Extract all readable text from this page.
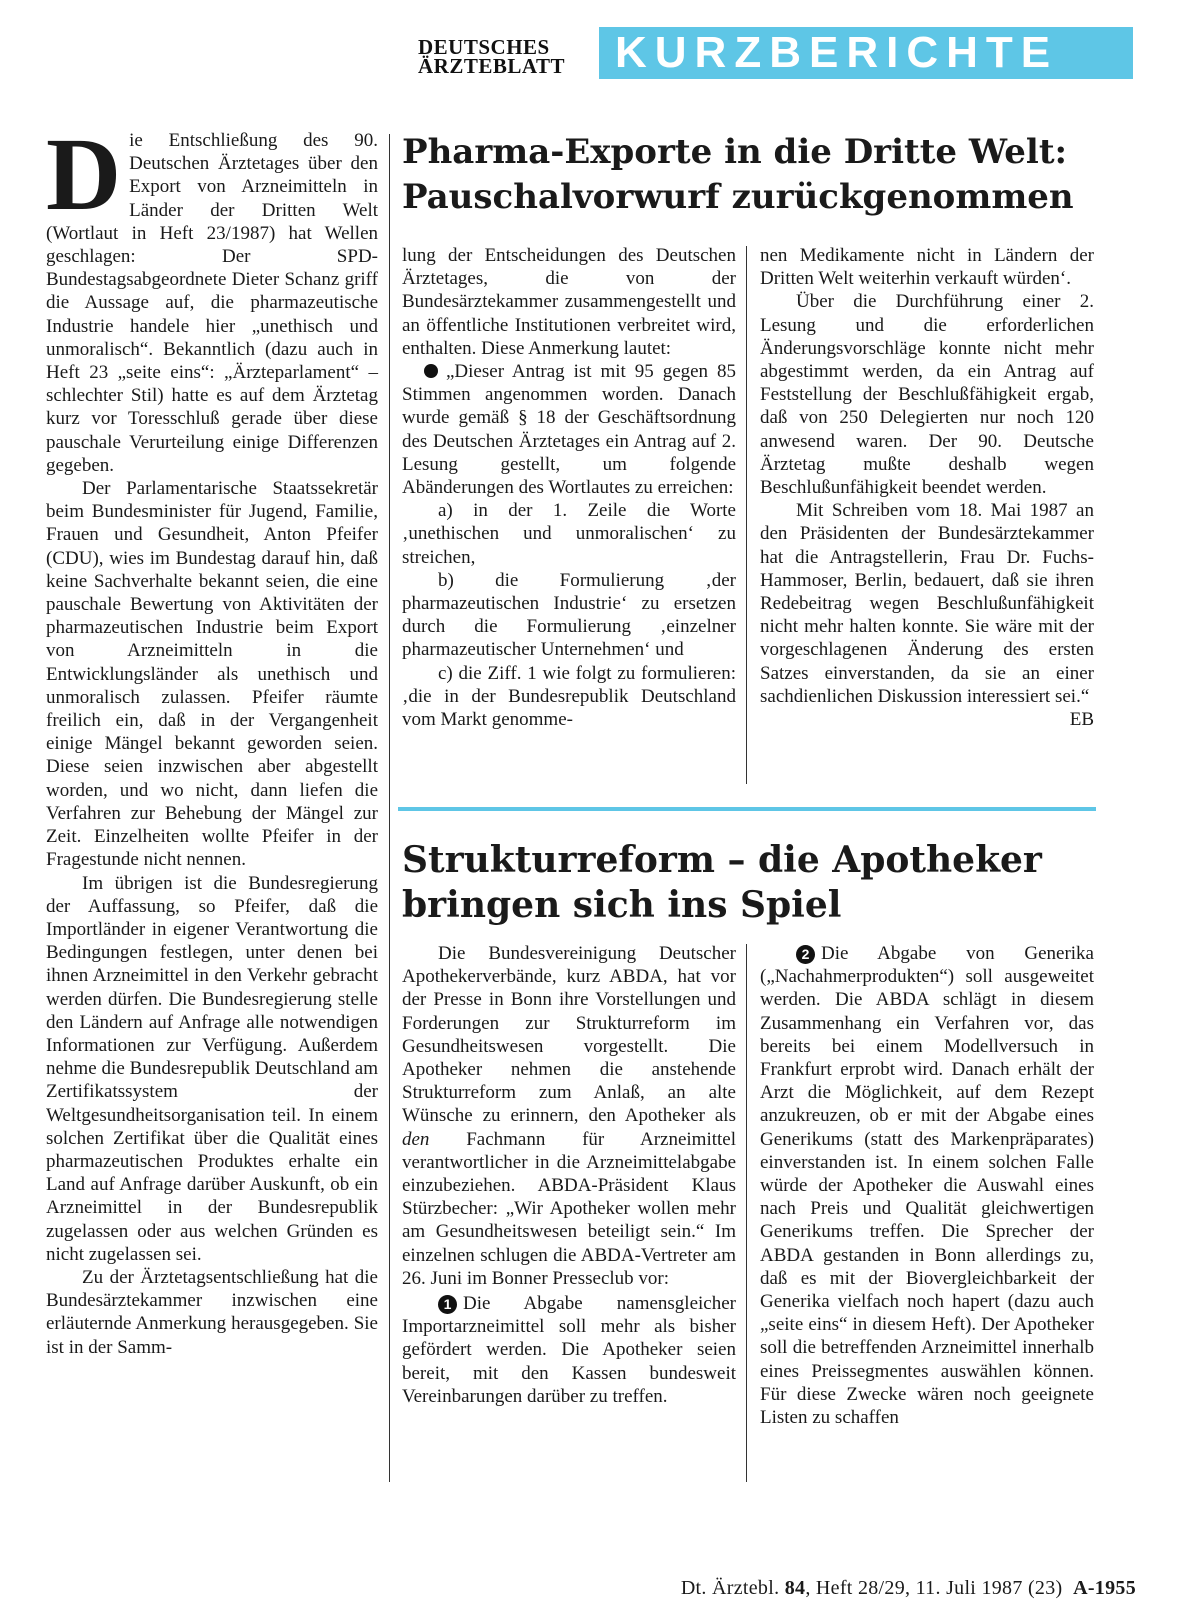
DEUTSCHES
ÄRZTEBLATT	KURZBERICHTE
Pharma-Exporte in die Dritte Welt:
Pauschalvorwurf zurückgenommen

Die Entschließung des 90. Deutschen Ärztetages über den Export von Arzneimitteln in Länder der Dritten Welt (Wortlaut in Heft 23/1987) hat Wellen geschlagen: Der SPD-Bundestagsabgeordnete Dieter Schanz griff die Aussage auf, die pharmazeutische Industrie handele hier „unethisch und unmoralisch“. Bekanntlich (dazu auch in Heft 23 „seite eins“: „Ärzteparlament“ – schlechter Stil) hatte es auf dem Ärztetag kurz vor Toresschluß gerade über diese pauschale Verurteilung einige Differenzen gegeben.

Der Parlamentarische Staatssekretär beim Bundesminister für Jugend, Familie, Frauen und Gesundheit, Anton Pfeifer (CDU), wies im Bundestag darauf hin, daß keine Sachverhalte bekannt seien, die eine pauschale Bewertung von Aktivitäten der pharmazeutischen Industrie beim Export von Arzneimitteln in die Entwicklungsländer als unethisch und unmoralisch zulassen. Pfeifer räumte freilich ein, daß in der Vergangenheit einige Mängel bekannt geworden seien. Diese seien inzwischen aber abgestellt worden, und wo nicht, dann liefen die Verfahren zur Behebung der Mängel zur Zeit. Einzelheiten wollte Pfeifer in der Fragestunde nicht nennen.

Im übrigen ist die Bundesregierung der Auffassung, so Pfeifer, daß die Importländer in eigener Verantwortung die Bedingungen festlegen, unter denen bei ihnen Arzneimittel in den Verkehr gebracht werden dürfen. Die Bundesregierung stelle den Ländern auf Anfrage alle notwendigen Informationen zur Verfügung. Außerdem nehme die Bundesrepublik Deutschland am Zertifikatssystem der Weltgesundheitsorganisation teil. In einem solchen Zertifikat über die Qualität eines pharmazeutischen Produktes erhalte ein Land auf Anfrage darüber Auskunft, ob ein Arzneimittel in der Bundesrepublik zugelassen oder aus welchen Gründen es nicht zugelassen sei.

Zu der Ärztetagsentschließung hat die Bundesärztekammer inzwischen eine erläuternde Anmerkung herausgegeben. Sie ist in der Samm-

lung der Entscheidungen des Deutschen Ärztetages, die von der Bundesärztekammer zusammengestellt und an öffentliche Institutionen verbreitet wird, enthalten. Diese Anmerkung lautet:

„Dieser Antrag ist mit 95 gegen 85 Stimmen angenommen worden. Danach wurde gemäß § 18 der Geschäftsordnung des Deutschen Ärztetages ein Antrag auf 2. Lesung gestellt, um folgende Abänderungen des Wortlautes zu erreichen:

a) in der 1. Zeile die Worte ‚unethischen und unmoralischen‘ zu streichen,

b) die Formulierung ‚der pharmazeutischen Industrie‘ zu ersetzen durch die Formulierung ‚einzelner pharmazeutischer Unternehmen‘ und

c) die Ziff. 1 wie folgt zu formulieren: ‚die in der Bundesrepublik Deutschland vom Markt genomme-

nen Medikamente nicht in Ländern der Dritten Welt weiterhin verkauft würden‘.

Über die Durchführung einer 2. Lesung und die erforderlichen Änderungsvorschläge konnte nicht mehr abgestimmt werden, da ein Antrag auf Feststellung der Beschlußfähigkeit ergab, daß von 250 Delegierten nur noch 120 anwesend waren. Der 90. Deutsche Ärztetag mußte deshalb wegen Beschlußunfähigkeit beendet werden.

Mit Schreiben vom 18. Mai 1987 an den Präsidenten der Bundesärztekammer hat die Antragstellerin, Frau Dr. Fuchs-Hammoser, Berlin, bedauert, daß sie ihren Redebeitrag wegen Beschlußunfähigkeit nicht mehr halten konnte. Sie wäre mit der vorgeschlagenen Änderung des ersten Satzes einverstanden, da sie an einer sachdienlichen Diskussion interessiert sei.“
EB

Strukturreform – die Apotheker
bringen sich ins Spiel

Die Bundesvereinigung Deutscher Apothekerverbände, kurz ABDA, hat vor der Presse in Bonn ihre Vorstellungen und Forderungen zur Strukturreform im Gesundheitswesen vorgestellt. Die Apotheker nehmen die anstehende Strukturreform zum Anlaß, an alte Wünsche zu erinnern, den Apotheker als den Fachmann für Arzneimittel verantwortlicher in die Arzneimittelabgabe einzubeziehen. ABDA-Präsident Klaus Stürzbecher: „Wir Apotheker wollen mehr am Gesundheitswesen beteiligt sein.“ Im einzelnen schlugen die ABDA-Vertreter am 26. Juni im Bonner Presseclub vor:

1 Die Abgabe namensgleicher Importarzneimittel soll mehr als bisher gefördert werden. Die Apotheker seien bereit, mit den Kassen bundesweit Vereinbarungen darüber zu treffen.

2 Die Abgabe von Generika („Nachahmerprodukten“) soll ausgeweitet werden. Die ABDA schlägt in diesem Zusammenhang ein Verfahren vor, das bereits bei einem Modellversuch in Frankfurt erprobt wird. Danach erhält der Arzt die Möglichkeit, auf dem Rezept anzukreuzen, ob er mit der Abgabe eines Generikums (statt des Markenpräparates) einverstanden ist. In einem solchen Falle würde der Apotheker die Auswahl eines nach Preis und Qualität gleichwertigen Generikums treffen. Die Sprecher der ABDA gestanden in Bonn allerdings zu, daß es mit der Biovergleichbarkeit der Generika vielfach noch hapert (dazu auch „seite eins“ in diesem Heft). Der Apotheker soll die betreffenden Arzneimittel innerhalb eines Preissegmentes auswählen können. Für diese Zwecke wären noch geeignete Listen zu schaffen

Dt. Ärztebl. 84, Heft 28/29, 11. Juli 1987 (23) A-1955
